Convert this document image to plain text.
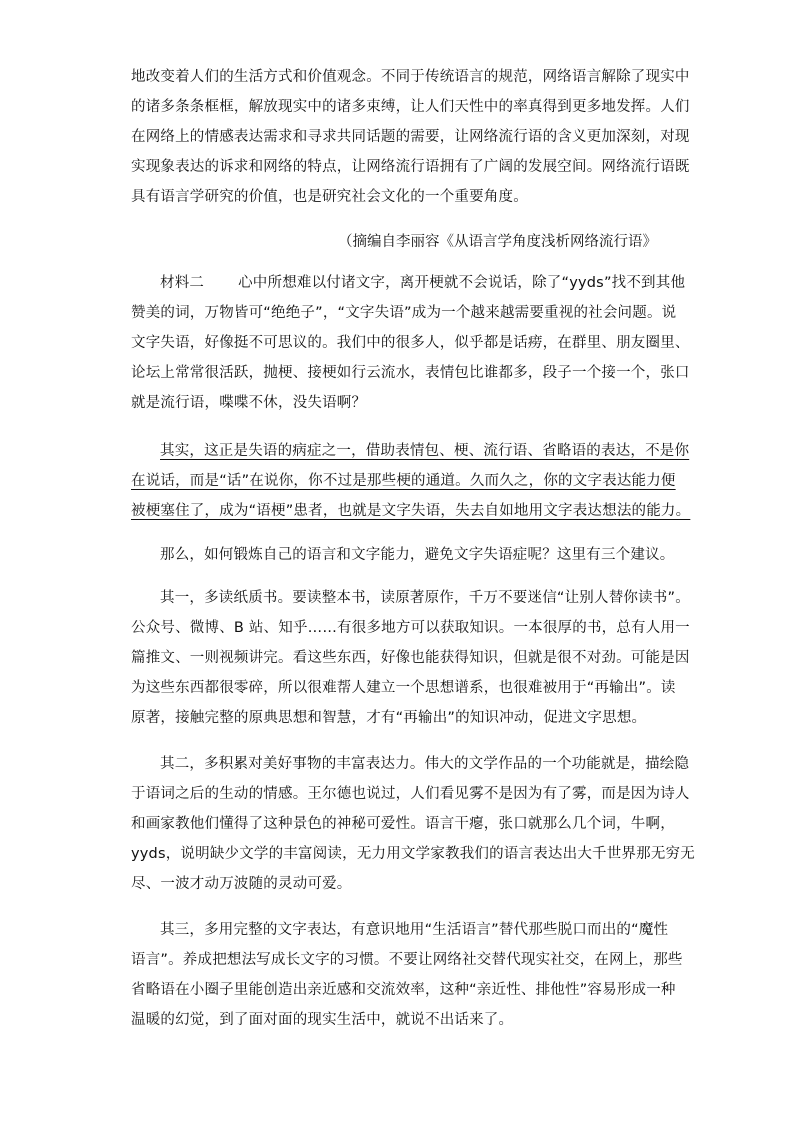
地改变着人们的生活方式和价值观念。不同于传统语言的规范，网络语言解除了现实中
的诸多条条框框，解放现实中的诸多束缚，让人们天性中的率真得到更多地发挥。人们
在网络上的情感表达需求和寻求共同话题的需要，让网络流行语的含义更加深刻，对现
实现象表达的诉求和网络的特点，让网络流行语拥有了广阔的发展空间。网络流行语既
具有语言学研究的价值，也是研究社会文化的一个重要角度。

（摘编自李丽容《从语言学角度浅析网络流行语》

材料二 心中所想难以付诸文字，离开梗就不会说话，除了“yyds”找不到其他
赞美的词，万物皆可“绝绝子”，“文字失语”成为一个越来越需要重视的社会问题。说
文字失语，好像挺不可思议的。我们中的很多人，似乎都是话痨，在群里、朋友圈里、
论坛上常常很活跃，抛梗、接梗如行云流水，表情包比谁都多，段子一个接一个，张口
就是流行语，喋喋不休，没失语啊？

其实，这正是失语的病症之一，借助表情包、梗、流行语、省略语的表达，不是你
在说话，而是“话”在说你，你不过是那些梗的通道。久而久之，你的文字表达能力便
被梗塞住了，成为“语梗”患者，也就是文字失语，失去自如地用文字表达想法的能力。

那么，如何锻炼自己的语言和文字能力，避免文字失语症呢？这里有三个建议。

其一，多读纸质书。要读整本书，读原著原作，千万不要迷信“让别人替你读书”。
公众号、微博、B 站、知乎……有很多地方可以获取知识。一本很厚的书，总有人用一
篇推文、一则视频讲完。看这些东西，好像也能获得知识，但就是很不对劲。可能是因
为这些东西都很零碎，所以很难帮人建立一个思想谱系，也很难被用于“再输出”。读
原著，接触完整的原典思想和智慧，才有“再输出”的知识冲动，促进文字思想。

其二，多积累对美好事物的丰富表达力。伟大的文学作品的一个功能就是，描绘隐
于语词之后的生动的情感。王尔德也说过，人们看见雾不是因为有了雾，而是因为诗人
和画家教他们懂得了这种景色的神秘可爱性。语言干瘪，张口就那么几个词，牛啊，
yyds，说明缺少文学的丰富阅读，无力用文学家教我们的语言表达出大千世界那无穷无
尽、一波才动万波随的灵动可爱。

其三，多用完整的文字表达，有意识地用“生活语言”替代那些脱口而出的“魔性
语言”。养成把想法写成长文字的习惯。不要让网络社交替代现实社交，在网上，那些
省略语在小圈子里能创造出亲近感和交流效率，这种“亲近性、排他性”容易形成一种
温暖的幻觉，到了面对面的现实生活中，就说不出话来了。
